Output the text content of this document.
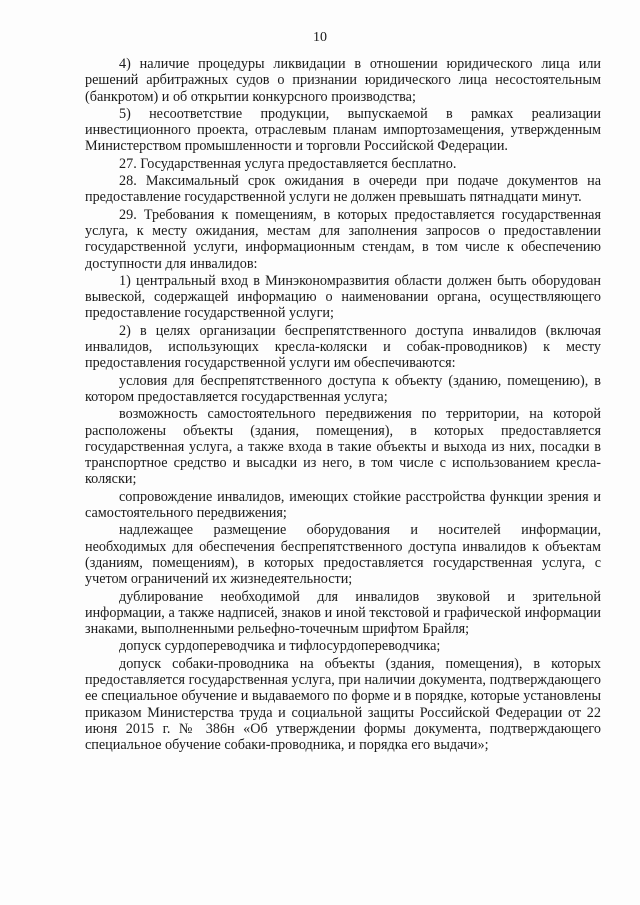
10

4) наличие процедуры ликвидации в отношении юридического лица или решений арбитражных судов о признании юридического лица несостоятельным (банкротом) и об открытии конкурсного производства;

5) несоответствие продукции, выпускаемой в рамках реализации инвестиционного проекта, отраслевым планам импортозамещения, утвержденным Министерством промышленности и торговли Российской Федерации.

27. Государственная услуга предоставляется бесплатно.

28. Максимальный срок ожидания в очереди при подаче документов на предоставление государственной услуги не должен превышать пятнадцати минут.

29. Требования к помещениям, в которых предоставляется государственная услуга, к месту ожидания, местам для заполнения запросов о предоставлении государственной услуги, информационным стендам, в том числе к обеспечению доступности для инвалидов:

1) центральный вход в Минэкономразвития области должен быть оборудован вывеской, содержащей информацию о наименовании органа, осуществляющего предоставление государственной услуги;

2) в целях организации беспрепятственного доступа инвалидов (включая инвалидов, использующих кресла-коляски и собак-проводников) к месту предоставления государственной услуги им обеспечиваются:

условия для беспрепятственного доступа к объекту (зданию, помещению), в котором предоставляется государственная услуга;

возможность самостоятельного передвижения по территории, на которой расположены объекты (здания, помещения), в которых предоставляется государственная услуга, а также входа в такие объекты и выхода из них, посадки в транспортное средство и высадки из него, в том числе с использованием кресла-коляски;

сопровождение инвалидов, имеющих стойкие расстройства функции зрения и самостоятельного передвижения;

надлежащее размещение оборудования и носителей информации, необходимых для обеспечения беспрепятственного доступа инвалидов к объектам (зданиям, помещениям), в которых предоставляется государственная услуга, с учетом ограничений их жизнедеятельности;

дублирование необходимой для инвалидов звуковой и зрительной информации, а также надписей, знаков и иной текстовой и графической информации знаками, выполненными рельефно-точечным шрифтом Брайля;

допуск сурдопереводчика и тифлосурдопереводчика;

допуск собаки-проводника на объекты (здания, помещения), в которых предоставляется государственная услуга, при наличии документа, подтверждающего ее специальное обучение и выдаваемого по форме и в порядке, которые установлены приказом Министерства труда и социальной защиты Российской Федерации от 22 июня 2015 г. № 386н «Об утверждении формы документа, подтверждающего специальное обучение собаки-проводника, и порядка его выдачи»;
